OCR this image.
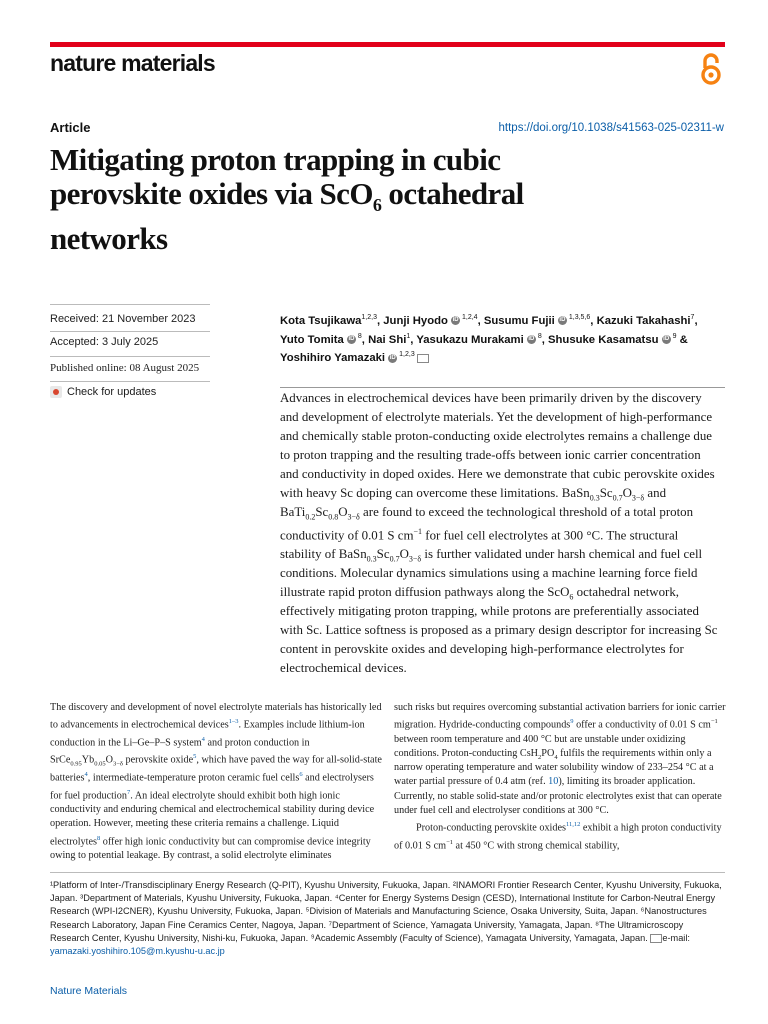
nature materials
Article	https://doi.org/10.1038/s41563-025-02311-w
Mitigating proton trapping in cubic
perovskite oxides via ScO$_6$ octahedral
networks
Received: 21 November 2023
Accepted: 3 July 2025
Published online: 08 August 2025
Check for updates
Kota Tsujikawa$^{1,2,3}$, Junji Hyodo iD $^{1,2,4}$, Susumu Fujii iD $^{1,3,5,6}$, Kazuki Takahashi$^7$, Yuto Tomita iD $^8$, Nai Shi$^1$, Yasukazu Murakami iD $^8$, Shusuke Kasamatsu iD $^9$ & Yoshihiro Yamazaki iD $^{1,2,3}$

Advances in electrochemical devices have been primarily driven by the discovery and development of electrolyte materials. Yet the development of high-performance and chemically stable proton-conducting oxide electrolytes remains a challenge due to proton trapping and the resulting trade-offs between ionic carrier concentration and conductivity in doped oxides. Here we demonstrate that cubic perovskite oxides with heavy Sc doping can overcome these limitations. $BaSn_{0.3}Sc_{0.7}O_{3-\delta}$ and $BaTi_{0.2}Sc_{0.8}O_{3-\delta}$ are found to exceed the technological threshold of a total proton conductivity of 0.01 S $cm^{-1}$ for fuel cell electrolytes at 300 °C. The structural stability of $BaSn_{0.3}Sc_{0.7}O_{3-\delta}$ is further validated under harsh chemical and fuel cell conditions. Molecular dynamics simulations using a machine learning force field illustrate rapid proton diffusion pathways along the ScO$_6$ octahedral network, effectively mitigating proton trapping, while protons are preferentially associated with Sc. Lattice softness is proposed as a primary design descriptor for increasing Sc content in perovskite oxides and developing high-performance electrolytes for electrochemical devices.

The discovery and development of novel electrolyte materials has historically led to advancements in electrochemical devices$^{1-3}$. Examples include lithium-ion conduction in the Li–Ge–P–S system$^4$ and proton conduction in $SrCe_{0.95}Yb_{0.05}O_{3-\delta}$ perovskite oxide$^5$, which have paved the way for all-solid-state batteries$^4$, intermediate-temperature proton ceramic fuel cells$^6$ and electrolysers for fuel production$^7$. An ideal electrolyte should exhibit both high ionic conductivity and enduring chemical and electrochemical stability during device operation. However, meeting these criteria remains a challenge. Liquid electrolytes$^8$ offer high ionic conductivity but can compromise device integrity owing to potential leakage. By contrast, a solid electrolyte eliminates

such risks but requires overcoming substantial activation barriers for ionic carrier migration. Hydride-conducting compounds$^9$ offer a conductivity of 0.01 S $cm^{-1}$ between room temperature and 400 °C but are unstable under oxidizing conditions. Proton-conducting $CsH_2PO_4$ fulfils the requirements within only a narrow operating temperature and water solubility window of 233–254 °C at a water partial pressure of 0.4 atm (ref. 10), limiting its broader application. Currently, no stable solid-state and/or protonic electrolytes exist that can operate under fuel cell and electrolyser conditions at 300 °C.
Proton-conducting perovskite oxides$^{11,12}$ exhibit a high proton conductivity of 0.01 S $cm^{-1}$ at 450 °C with strong chemical stability,

¹Platform of Inter-/Transdisciplinary Energy Research (Q-PIT), Kyushu University, Fukuoka, Japan. ²INAMORI Frontier Research Center, Kyushu University, Fukuoka, Japan. ³Department of Materials, Kyushu University, Fukuoka, Japan. ⁴Center for Energy Systems Design (CESD), International Institute for Carbon-Neutral Energy Research (WPI-I2CNER), Kyushu University, Fukuoka, Japan. ⁵Division of Materials and Manufacturing Science, Osaka University, Suita, Japan. ⁶Nanostructures Research Laboratory, Japan Fine Ceramics Center, Nagoya, Japan. ⁷Department of Science, Yamagata University, Yamagata, Japan. ⁸The Ultramicroscopy Research Center, Kyushu University, Nishi-ku, Fukuoka, Japan. ⁹Academic Assembly (Faculty of Science), Yamagata University, Yamagata, Japan. e-mail: yamazaki.yoshihiro.105@m.kyushu-u.ac.jp

Nature Materials
